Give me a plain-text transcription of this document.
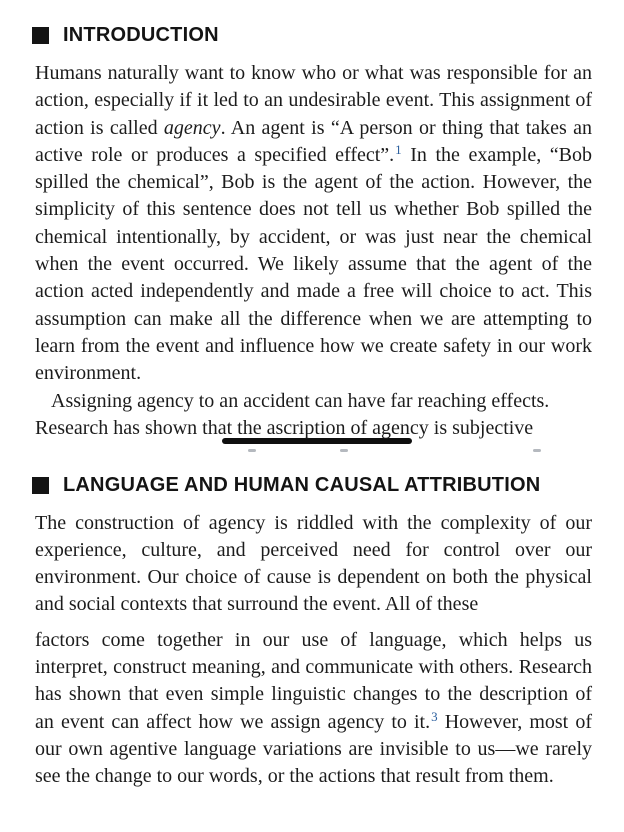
INTRODUCTION

Humans naturally want to know who or what was responsible for an action, especially if it led to an undesirable event. This assignment of action is called agency. An agent is “A person or thing that takes an active role or produces a specified effect”.$^1$ In the example, “Bob spilled the chemical”, Bob is the agent of the action. However, the simplicity of this sentence does not tell us whether Bob spilled the chemical intentionally, by accident, or was just near the chemical when the event occurred. We likely assume that the agent of the action acted independently and made a free will choice to act. This assumption can make all the difference when we are attempting to learn from the event and influence how we create safety in our work environment.

Assigning agency to an accident can have far reaching effects.
Research has shown that the ascription of agency is subjective

LANGUAGE AND HUMAN CAUSAL ATTRIBUTION

The construction of agency is riddled with the complexity of our experience, culture, and perceived need for control over our environment. Our choice of cause is dependent on both the physical and social contexts that surround the event. All of these

factors come together in our use of language, which helps us interpret, construct meaning, and communicate with others. Research has shown that even simple linguistic changes to the description of an event can affect how we assign agency to it.$^3$ However, most of our own agentive language variations are invisible to us—we rarely see the change to our words, or the actions that result from them.
